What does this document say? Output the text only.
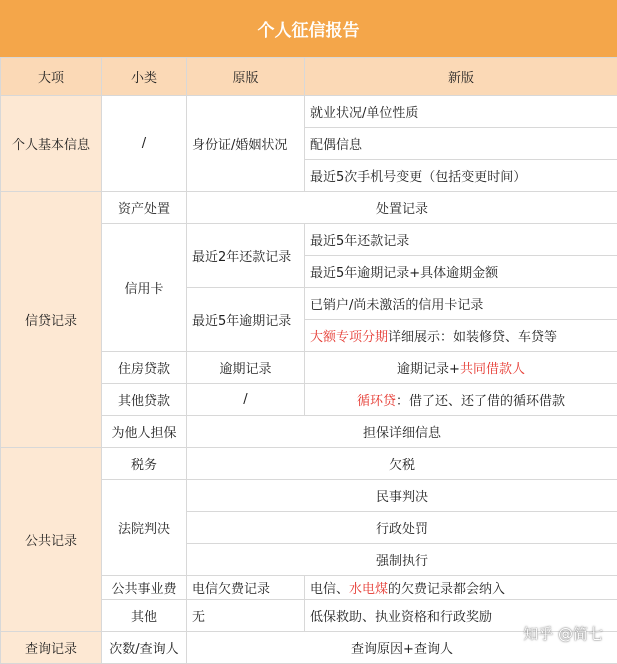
个人征信报告
大项	小类	原版	新版
个人基本信息	/	身份证/婚姻状况	就业状况/单位性质
			配偶信息
			最近5次手机号变更（包括变更时间）
信贷记录	资产处置	处置记录	
	信用卡	最近2年还款记录	最近5年还款记录
			最近5年逾期记录+具体逾期金额
		最近5年逾期记录	已销户/尚未激活的信用卡记录
			大额专项分期详细展示：如装修贷、车贷等
	住房贷款	逾期记录	逾期记录+共同借款人
	其他贷款	/	循环贷：借了还、还了借的循环借款
	为他人担保	担保详细信息	
公共记录	税务	欠税	
	法院判决	民事判决	
		行政处罚	
		强制执行	
	公共事业费	电信欠费记录	电信、水电煤的欠费记录都会纳入
	其他	无	低保救助、执业资格和行政奖励
查询记录	次数/查询人	查询原因+查询人	
知乎 @简七
